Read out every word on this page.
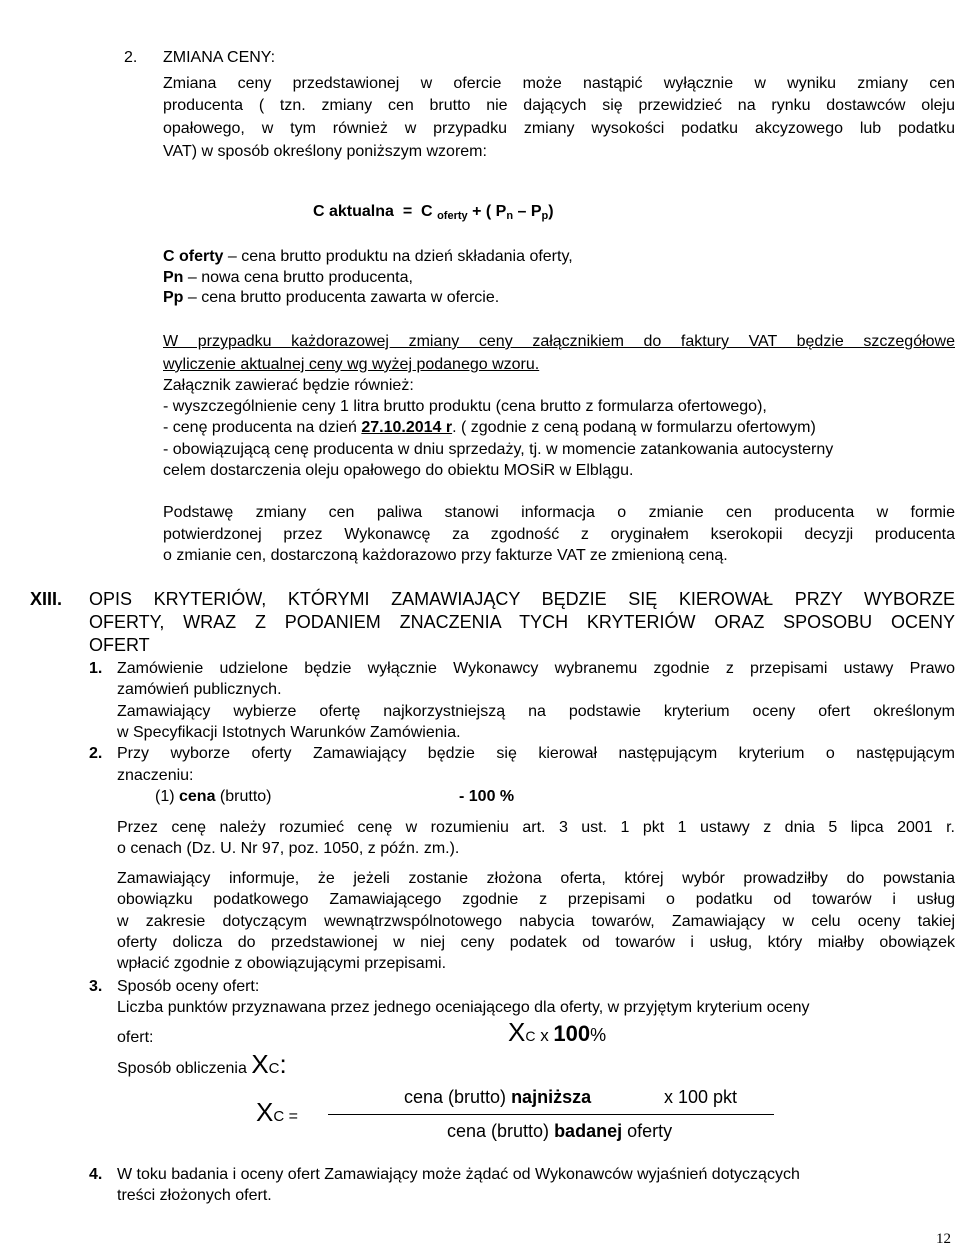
2. ZMIANA CENY:
Zmiana ceny przedstawionej w ofercie może nastąpić wyłącznie w wyniku zmiany cen
producenta ( tzn. zmiany cen brutto nie dających się przewidzieć na rynku dostawców oleju
opałowego, w tym również w przypadku zmiany wysokości podatku akcyzowego lub podatku
VAT) w sposób określony poniższym wzorem:
C aktualna = C $_{oferty}$ + ( $P_n - P_p$)
C oferty – cena brutto produktu na dzień składania oferty,
Pn – nowa cena brutto producenta,
Pp – cena brutto producenta zawarta w ofercie.
W przypadku każdorazowej zmiany ceny załącznikiem do faktury VAT będzie szczegółowe
wyliczenie aktualnej ceny wg wyżej podanego wzoru.
Załącznik zawierać będzie również:
- wyszczególnienie ceny 1 litra brutto produktu (cena brutto z formularza ofertowego),
- cenę producenta na dzień 27.10.2014 r. ( zgodnie z ceną podaną w formularzu ofertowym)
- obowiązującą cenę producenta w dniu sprzedaży, tj. w momencie zatankowania autocysterny
celem dostarczenia oleju opałowego do obiektu MOSiR w Elblągu.
Podstawę zmiany cen paliwa stanowi informacja o zmianie cen producenta w formie
potwierdzonej przez Wykonawcę za zgodność z oryginałem kserokopii decyzji producenta
o zmianie cen, dostarczoną każdorazowo przy fakturze VAT ze zmienioną ceną.
XIII. OPIS KRYTERIÓW, KTÓRYMI ZAMAWIAJĄCY BĘDZIE SIĘ KIEROWAŁ PRZY WYBORZE
OFERTY, WRAZ Z PODANIEM ZNACZENIA TYCH KRYTERIÓW ORAZ SPOSOBU OCENY
OFERT
1. Zamówienie udzielone będzie wyłącznie Wykonawcy wybranemu zgodnie z przepisami ustawy Prawo
zamówień publicznych.
Zamawiający wybierze ofertę najkorzystniejszą na podstawie kryterium oceny ofert określonym
w Specyfikacji Istotnych Warunków Zamówienia.
2. Przy wyborze oferty Zamawiający będzie się kierował następującym kryterium o następującym
znaczeniu:
(1) cena (brutto)	- 100 %
Przez cenę należy rozumieć cenę w rozumieniu art. 3 ust. 1 pkt 1 ustawy z dnia 5 lipca 2001 r.
o cenach (Dz. U. Nr 97, poz. 1050, z późn. zm.).
Zamawiający informuje, że jeżeli zostanie złożona oferta, której wybór prowadziłby do powstania
obowiązku podatkowego Zamawiającego zgodnie z przepisami o podatku od towarów i usług
w zakresie dotyczącym wewnątrzwspólnotowego nabycia towarów, Zamawiający w celu oceny takiej
oferty dolicza do przedstawionej w niej ceny podatek od towarów i usług, który miałby obowiązek
wpłacić zgodnie z obowiązującymi przepisami.
3. Sposób oceny ofert:
Liczba punktów przyznawana przez jednego oceniającego dla oferty, w przyjętym kryterium oceny
ofert:	XC x 100%
Sposób obliczenia XC:
XC =
cena (brutto) najniższa	x 100 pkt
cena (brutto) badanej oferty
4. W toku badania i oceny ofert Zamawiający może żądać od Wykonawców wyjaśnień dotyczących
treści złożonych ofert.
12
